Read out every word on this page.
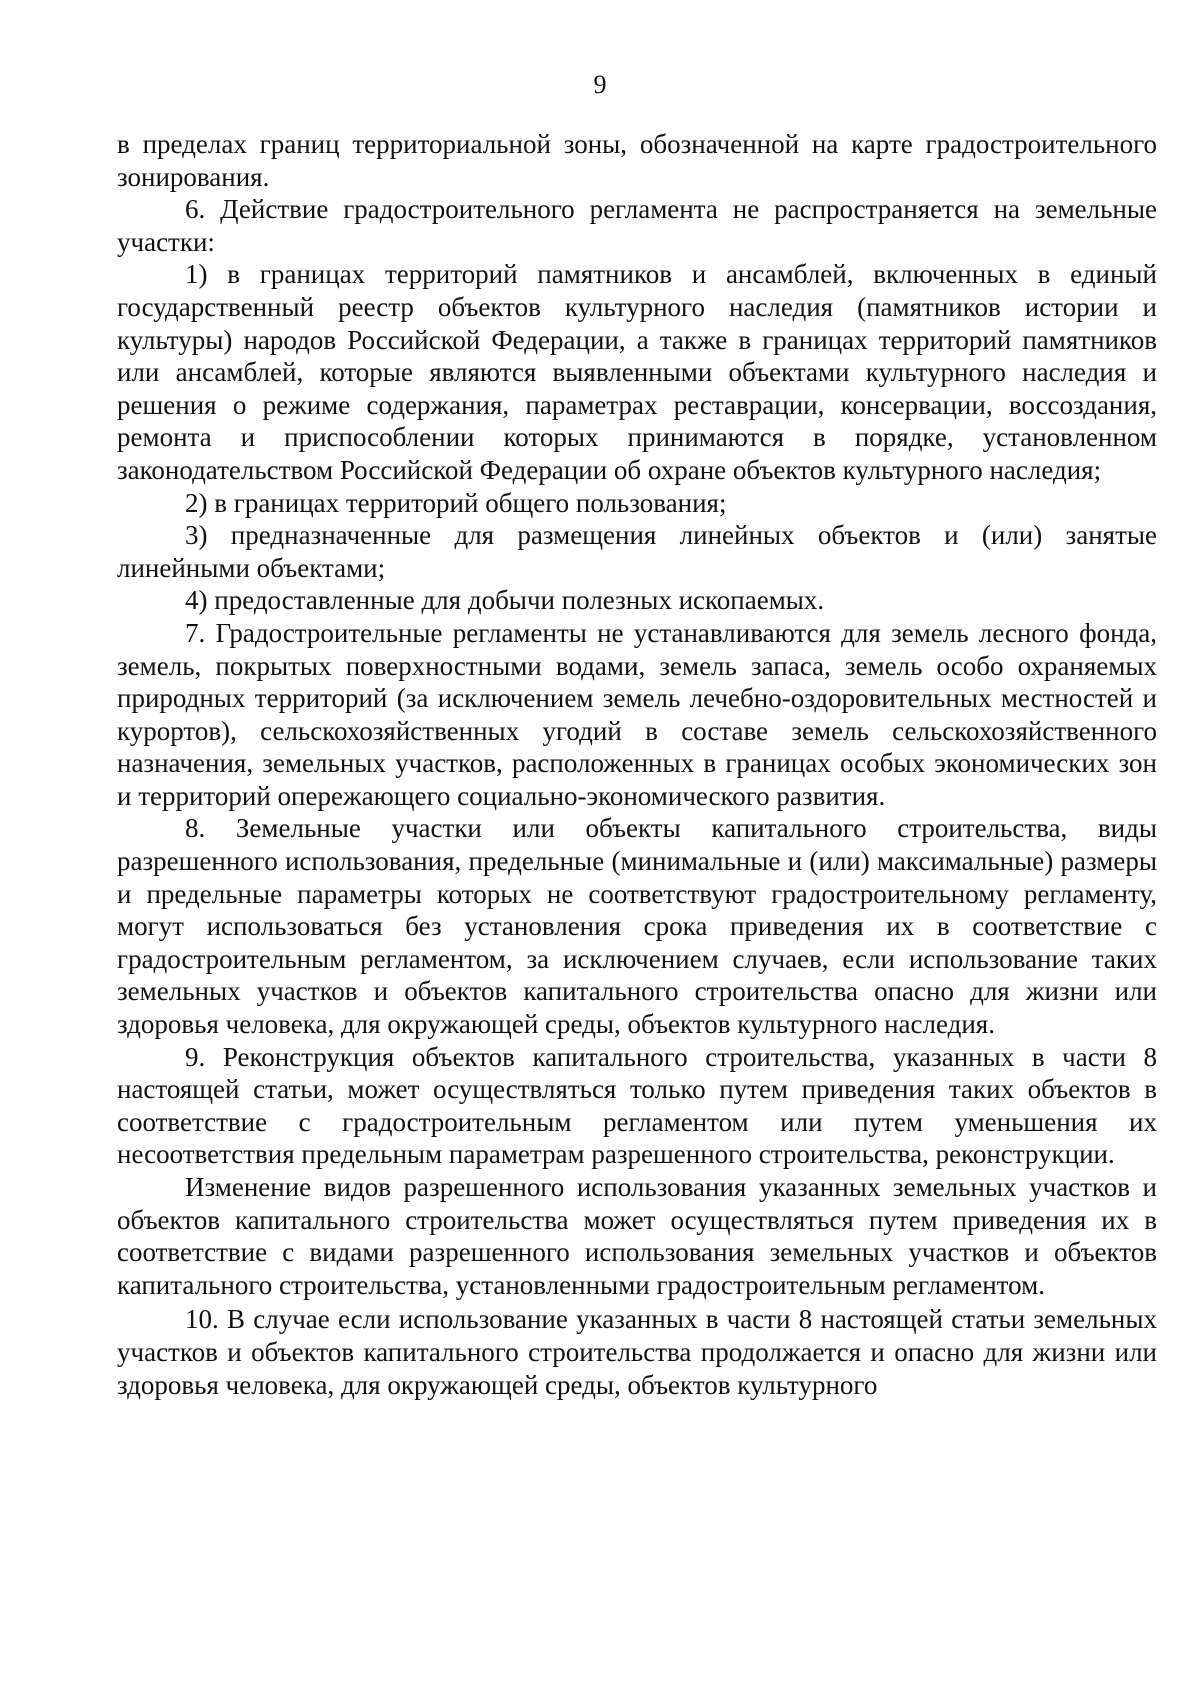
9

в пределах границ территориальной зоны, обозначенной на карте градостроительного зонирования.

6. Действие градостроительного регламента не распространяется на земельные участки:

1) в границах территорий памятников и ансамблей, включенных в единый государственный реестр объектов культурного наследия (памятников истории и культуры) народов Российской Федерации, а также в границах территорий памятников или ансамблей, которые являются выявленными объектами культурного наследия и решения о режиме содержания, параметрах реставрации, консервации, воссоздания, ремонта и приспособлении которых принимаются в порядке, установленном законодательством Российской Федерации об охране объектов культурного наследия;

2) в границах территорий общего пользования;

3) предназначенные для размещения линейных объектов и (или) занятые линейными объектами;

4) предоставленные для добычи полезных ископаемых.

7. Градостроительные регламенты не устанавливаются для земель лесного фонда, земель, покрытых поверхностными водами, земель запаса, земель особо охраняемых природных территорий (за исключением земель лечебно-оздоровительных местностей и курортов), сельскохозяйственных угодий в составе земель сельскохозяйственного назначения, земельных участков, расположенных в границах особых экономических зон и территорий опережающего социально-экономического развития.

8. Земельные участки или объекты капитального строительства, виды разрешенного использования, предельные (минимальные и (или) максимальные) размеры и предельные параметры которых не соответствуют градостроительному регламенту, могут использоваться без установления срока приведения их в соответствие с градостроительным регламентом, за исключением случаев, если использование таких земельных участков и объектов капитального строительства опасно для жизни или здоровья человека, для окружающей среды, объектов культурного наследия.

9. Реконструкция объектов капитального строительства, указанных в части 8 настоящей статьи, может осуществляться только путем приведения таких объектов в соответствие с градостроительным регламентом или путем уменьшения их несоответствия предельным параметрам разрешенного строительства, реконструкции.

Изменение видов разрешенного использования указанных земельных участков и объектов капитального строительства может осуществляться путем приведения их в соответствие с видами разрешенного использования земельных участков и объектов капитального строительства, установленными градостроительным регламентом.

10. В случае если использование указанных в части 8 настоящей статьи земельных участков и объектов капитального строительства продолжается и опасно для жизни или здоровья человека, для окружающей среды, объектов культурного
